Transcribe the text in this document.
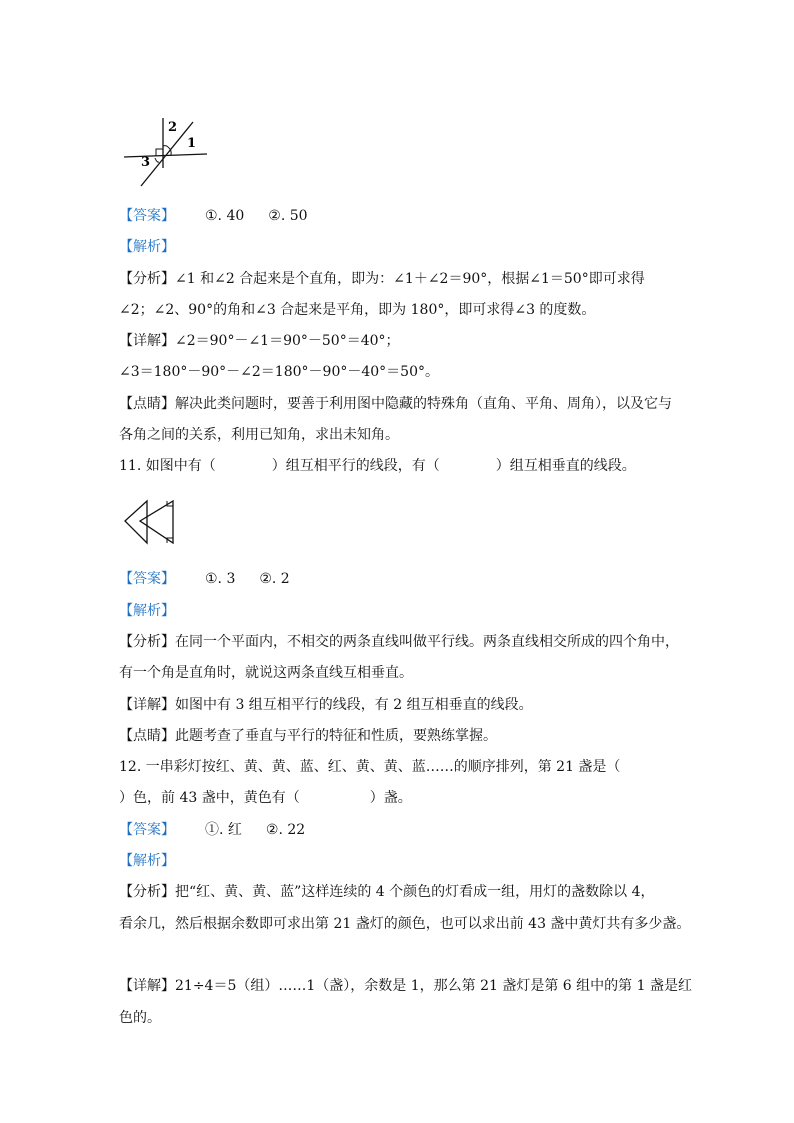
2
1
3
【答案】 ①. 40 ②. 50
【解析】
【分析】∠1 和∠2 合起来是个直角，即为：∠1＋∠2＝90°，根据∠1＝50°即可求得
∠2；∠2、90°的角和∠3 合起来是平角，即为 180°，即可求得∠3 的度数。
【详解】∠2＝90°－∠1＝90°－50°＝40°；
∠3＝180°－90°－∠2＝180°－90°－40°＝50°。
【点睛】解决此类问题时，要善于利用图中隐藏的特殊角（直角、平角、周角），以及它与
各角之间的关系，利用已知角，求出未知角。
11. 如图中有（　　　　）组互相平行的线段，有（　　　　）组互相垂直的线段。
【答案】 ①. 3 ②. 2
【解析】
【分析】在同一个平面内，不相交的两条直线叫做平行线。两条直线相交所成的四个角中，
有一个角是直角时，就说这两条直线互相垂直。
【详解】如图中有 3 组互相平行的线段，有 2 组互相垂直的线段。
【点睛】此题考查了垂直与平行的特征和性质，要熟练掌握。
12. 一串彩灯按红、黄、黄、蓝、红、黄、黄、蓝……的顺序排列，第 21 盏是（
）色，前 43 盏中，黄色有（　　　　　）盏。
【答案】 ①. 红 ②. 22
【解析】
【分析】把“红、黄、黄、蓝”这样连续的 4 个颜色的灯看成一组，用灯的盏数除以 4，
看余几，然后根据余数即可求出第 21 盏灯的颜色，也可以求出前 43 盏中黄灯共有多少盏。
【详解】21÷4＝5（组）……1（盏），余数是 1，那么第 21 盏灯是第 6 组中的第 1 盏是红
色的。
